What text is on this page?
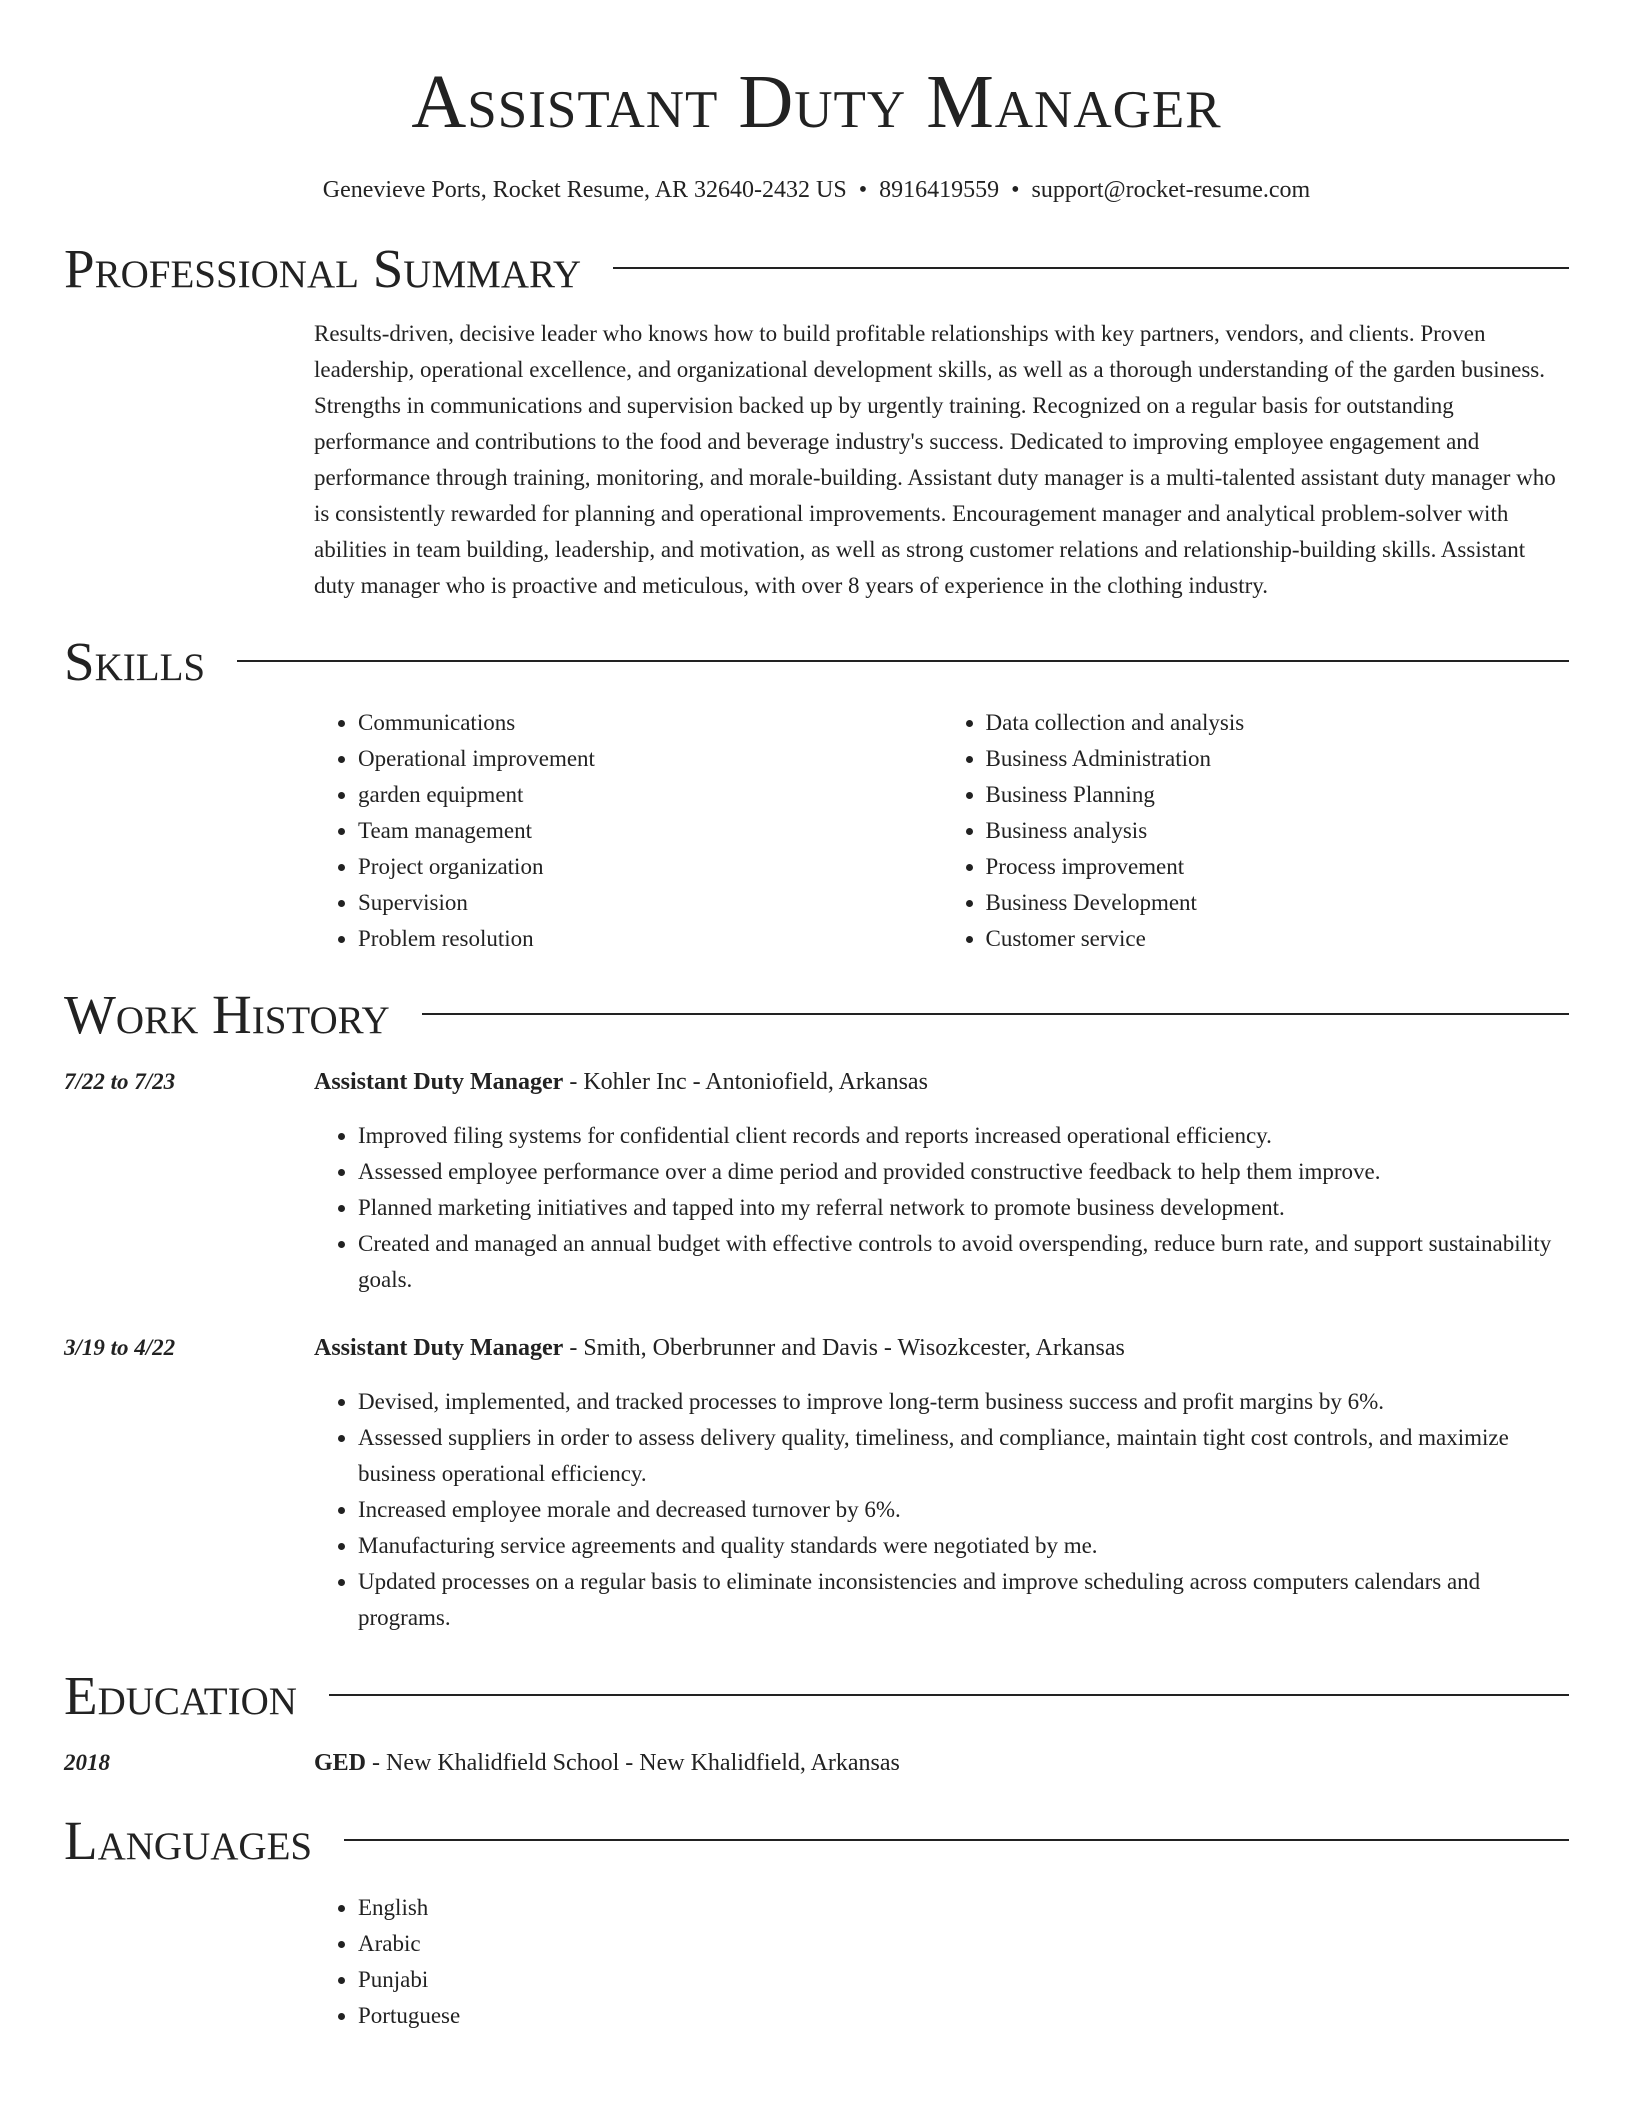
Assistant Duty Manager
Genevieve Ports, Rocket Resume, AR 32640-2432 US • 8916419559 • support@rocket-resume.com
Professional Summary

Results-driven, decisive leader who knows how to build profitable relationships with key partners, vendors, and clients. Proven leadership, operational excellence, and organizational development skills, as well as a thorough understanding of the garden business. Strengths in communications and supervision backed up by urgently training. Recognized on a regular basis for outstanding performance and contributions to the food and beverage industry's success. Dedicated to improving employee engagement and performance through training, monitoring, and morale-building. Assistant duty manager is a multi-talented assistant duty manager who is consistently rewarded for planning and operational improvements. Encouragement manager and analytical problem-solver with abilities in team building, leadership, and motivation, as well as strong customer relations and relationship-building skills. Assistant duty manager who is proactive and meticulous, with over 8 years of experience in the clothing industry.

Skills
• Communications
• Operational improvement
• garden equipment
• Team management
• Project organization
• Supervision
• Problem resolution
• Data collection and analysis
• Business Administration
• Business Planning
• Business analysis
• Process improvement
• Business Development
• Customer service
Work History
7/22 to 7/23	Assistant Duty Manager - Kohler Inc - Antoniofield, Arkansas
• Improved filing systems for confidential client records and reports increased operational efficiency.
• Assessed employee performance over a dime period and provided constructive feedback to help them improve.
• Planned marketing initiatives and tapped into my referral network to promote business development.
• Created and managed an annual budget with effective controls to avoid overspending, reduce burn rate, and support sustainability goals.
3/19 to 4/22	Assistant Duty Manager - Smith, Oberbrunner and Davis - Wisozkcester, Arkansas
• Devised, implemented, and tracked processes to improve long-term business success and profit margins by 6%.
• Assessed suppliers in order to assess delivery quality, timeliness, and compliance, maintain tight cost controls, and maximize business operational efficiency.
• Increased employee morale and decreased turnover by 6%.
• Manufacturing service agreements and quality standards were negotiated by me.
• Updated processes on a regular basis to eliminate inconsistencies and improve scheduling across computers calendars and programs.
Education
2018	GED - New Khalidfield School - New Khalidfield, Arkansas
Languages
• English
• Arabic
• Punjabi
• Portuguese
